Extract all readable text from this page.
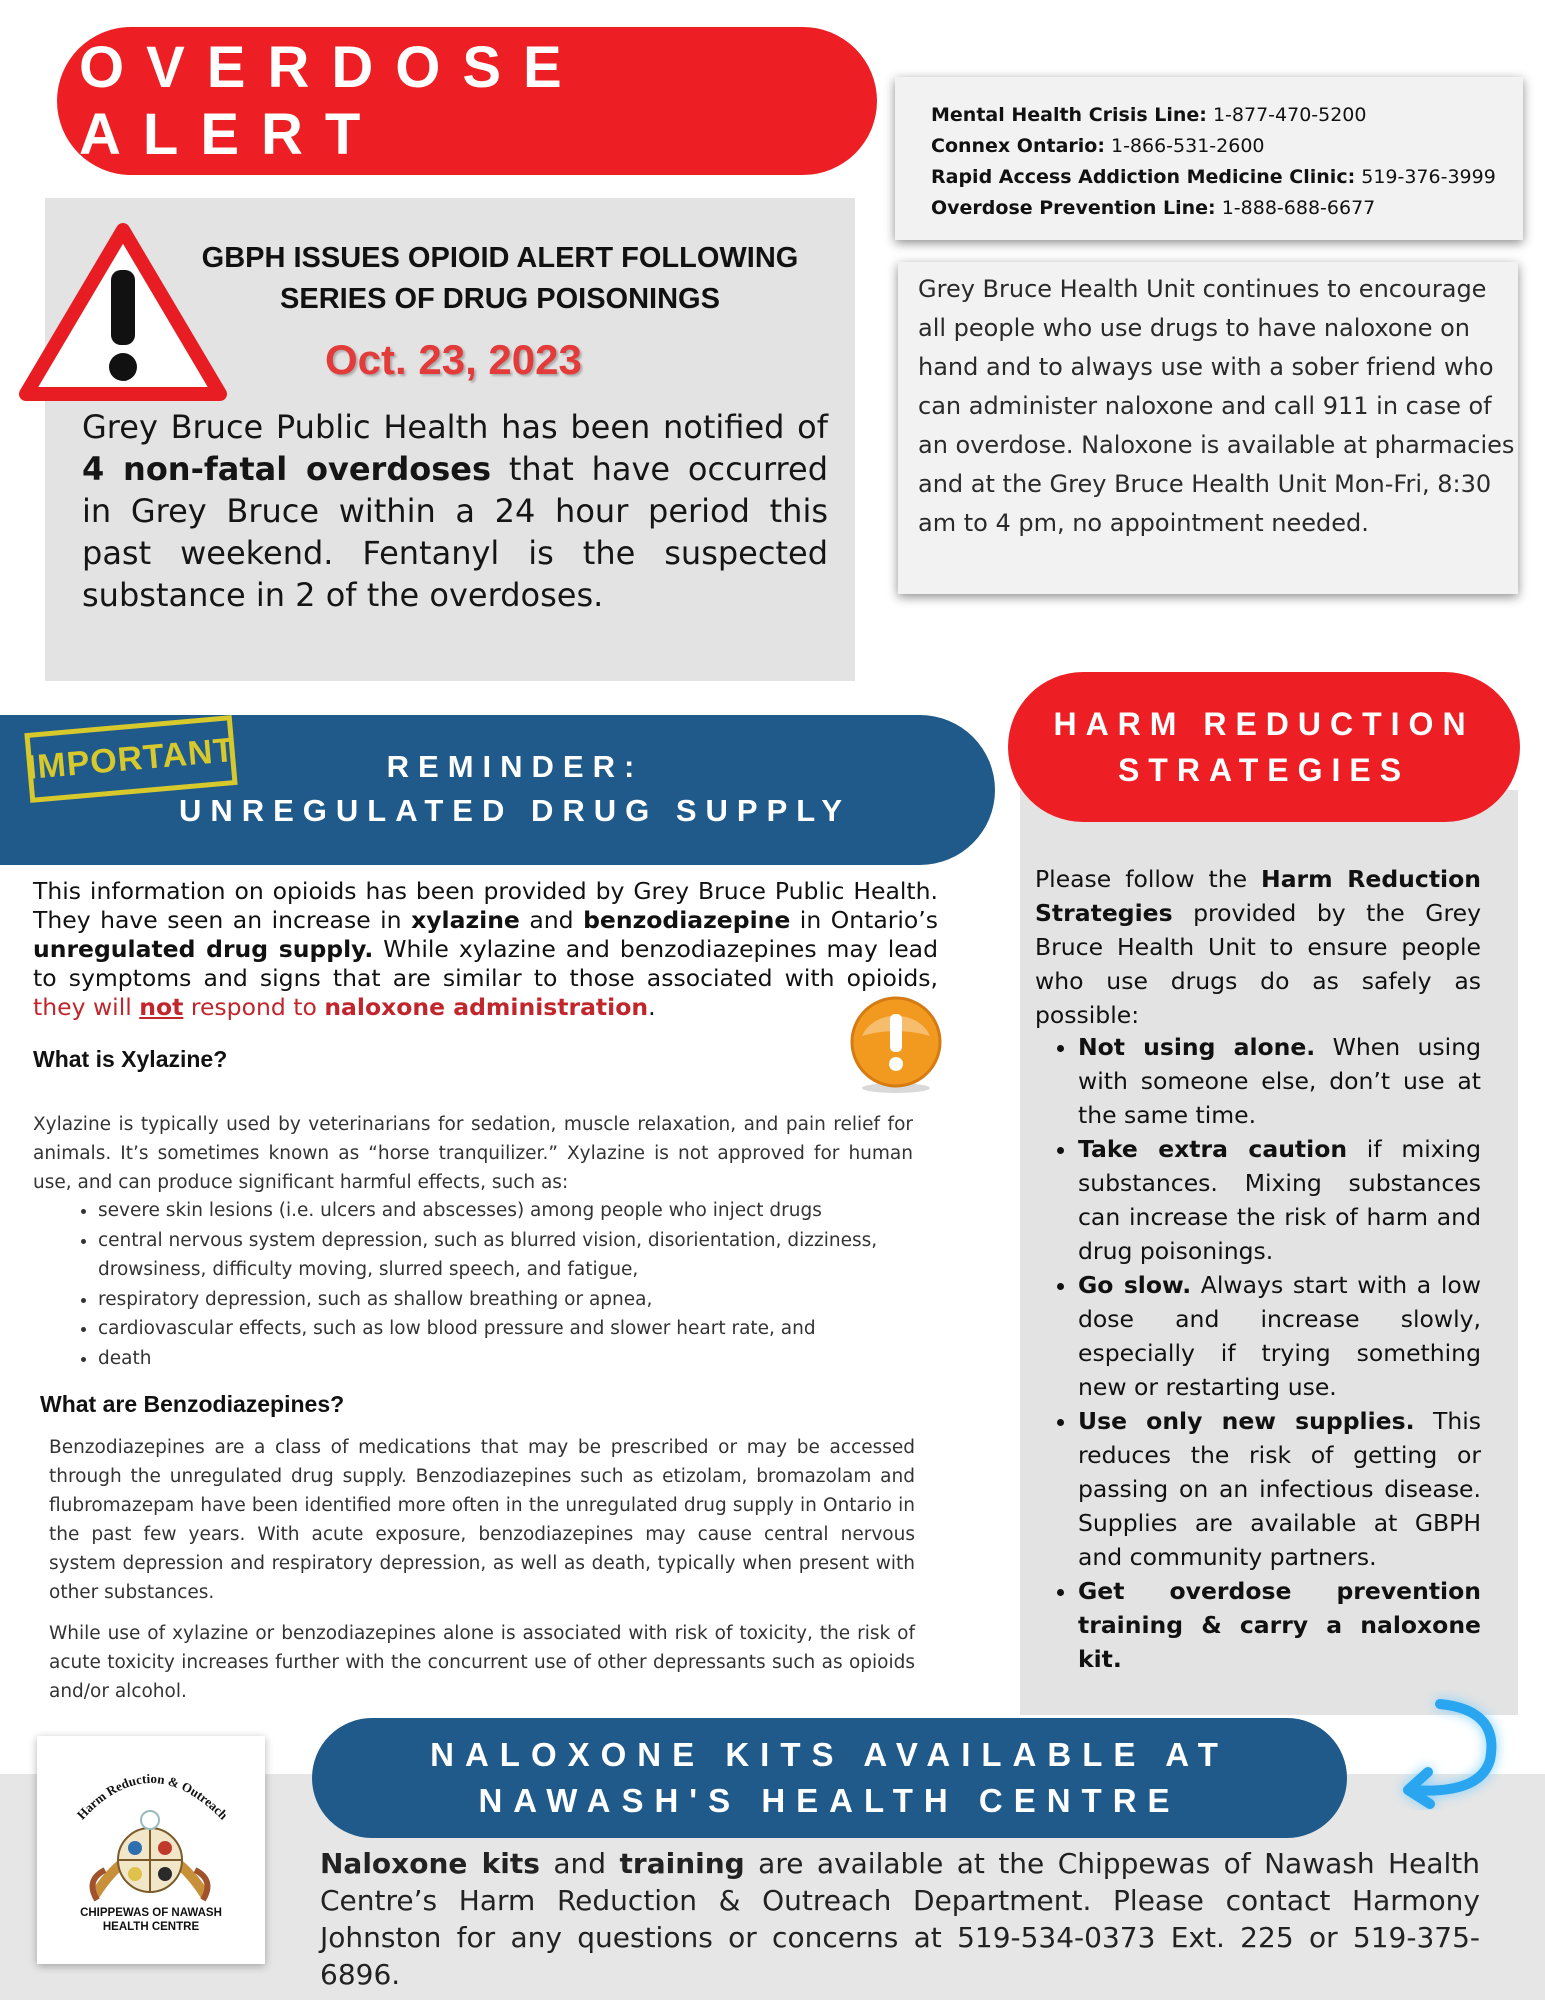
OVERDOSE ALERT
GBPH ISSUES OPIOID ALERT FOLLOWING
SERIES OF DRUG POISONINGS
Oct. 23, 2023
Grey Bruce Public Health has been notified of 4 non-fatal overdoses that have occurred in Grey Bruce within a 24 hour period this past weekend. Fentanyl is the suspected substance in 2 of the overdoses.
Mental Health Crisis Line: 1-877-470-5200
Connex Ontario: 1-866-531-2600
Rapid Access Addiction Medicine Clinic: 519-376-3999
Overdose Prevention Line: 1-888-688-6677
Grey Bruce Health Unit continues to encourage all people who use drugs to have naloxone on hand and to always use with a sober friend who can administer naloxone and call 911 in case of an overdose. Naloxone is available at pharmacies and at the Grey Bruce Health Unit Mon-Fri, 8:30 am to 4 pm, no appointment needed.
IMPORTANT	REMINDER:
UNREGULATED DRUG SUPPLY
This information on opioids has been provided by Grey Bruce Public Health. They have seen an increase in xylazine and benzodiazepine in Ontario’s unregulated drug supply. While xylazine and benzodiazepines may lead to symptoms and signs that are similar to those associated with opioids, they will not respond to naloxone administration.
What is Xylazine?
Xylazine is typically used by veterinarians for sedation, muscle relaxation, and pain relief for animals. It’s sometimes known as “horse tranquilizer.” Xylazine is not approved for human use, and can produce significant harmful effects, such as:
• severe skin lesions (i.e. ulcers and abscesses) among people who inject drugs
• central nervous system depression, such as blurred vision, disorientation, dizziness, drowsiness, difficulty moving, slurred speech, and fatigue,
• respiratory depression, such as shallow breathing or apnea,
• cardiovascular effects, such as low blood pressure and slower heart rate, and
• death
What are Benzodiazepines?
Benzodiazepines are a class of medications that may be prescribed or may be accessed through the unregulated drug supply. Benzodiazepines such as etizolam, bromazolam and flubromazepam have been identified more often in the unregulated drug supply in Ontario in the past few years. With acute exposure, benzodiazepines may cause central nervous system depression and respiratory depression, as well as death, typically when present with other substances.
While use of xylazine or benzodiazepines alone is associated with risk of toxicity, the risk of acute toxicity increases further with the concurrent use of other depressants such as opioids and/or alcohol.
HARM REDUCTION
STRATEGIES
Please follow the Harm Reduction Strategies provided by the Grey Bruce Health Unit to ensure people who use drugs do as safely as possible:
• Not using alone. When using with someone else, don’t use at the same time.
• Take extra caution if mixing substances. Mixing substances can increase the risk of harm and drug poisonings.
• Go slow. Always start with a low dose and increase slowly, especially if trying something new or restarting use.
• Use only new supplies. This reduces the risk of getting or passing on an infectious disease. Supplies are available at GBPH and community partners.
• Get overdose prevention training & carry a naloxone kit.
Harm Reduction & Outreach
CHIPPEWAS OF NAWASH
HEALTH CENTRE
NALOXONE KITS AVAILABLE AT
NAWASH'S HEALTH CENTRE
Naloxone kits and training are available at the Chippewas of Nawash Health Centre’s Harm Reduction & Outreach Department. Please contact Harmony Johnston for any questions or concerns at 519-534-0373 Ext. 225 or 519-375-6896.
